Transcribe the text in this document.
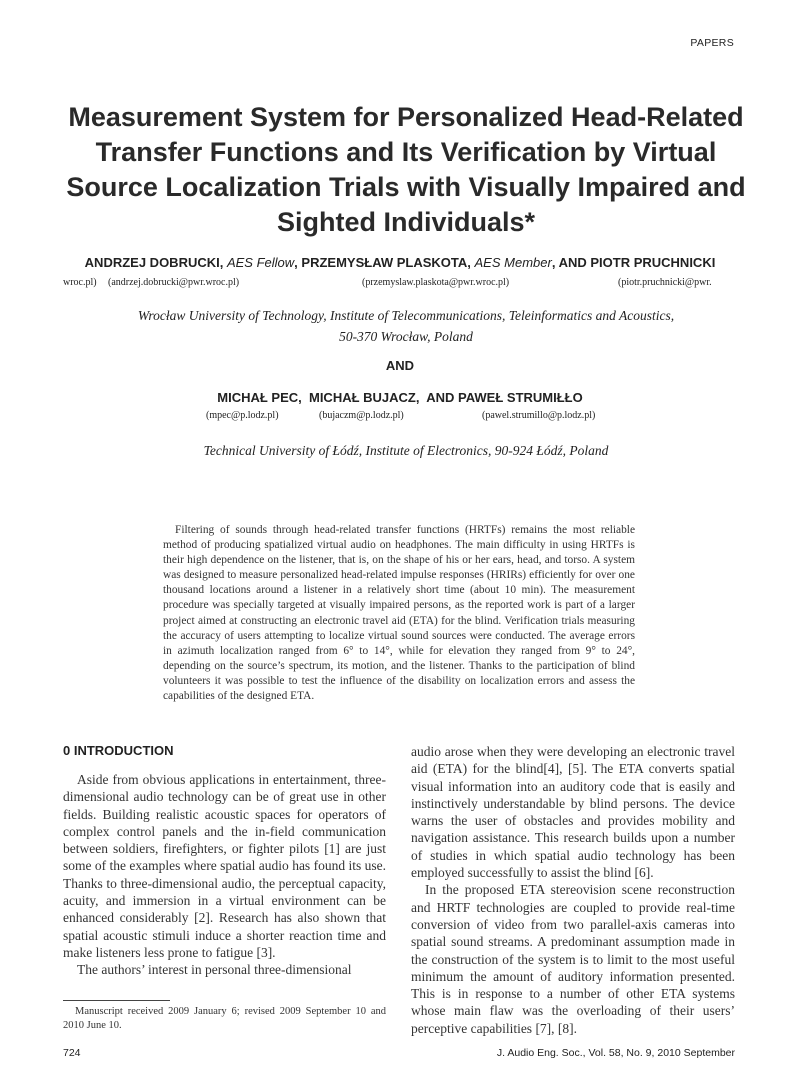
PAPERS
Measurement System for Personalized Head-Related Transfer Functions and Its Verification by Virtual Source Localization Trials with Visually Impaired and Sighted Individuals*
ANDRZEJ DOBRUCKI, AES Fellow, PRZEMYSŁAW PLASKOTA, AES Member, AND PIOTR PRUCHNICKI
wroc.pl) (andrzej.dobrucki@pwr.wroc.pl)	(przemyslaw.plaskota@pwr.wroc.pl)	(piotr.pruchnicki@pwr.
Wrocław University of Technology, Institute of Telecommunications, Teleinformatics and Acoustics,
50-370 Wrocław, Poland
AND
MICHAŁ PEC, MICHAŁ BUJACZ, AND PAWEŁ STRUMIŁŁO
(mpec@p.lodz.pl)	(bujaczm@p.lodz.pl)	(pawel.strumillo@p.lodz.pl)
Technical University of Łódź, Institute of Electronics, 90-924 Łódź, Poland
Filtering of sounds through head-related transfer functions (HRTFs) remains the most reliable method of producing spatialized virtual audio on headphones. The main difficulty in using HRTFs is their high dependence on the listener, that is, on the shape of his or her ears, head, and torso. A system was designed to measure personalized head-related impulse responses (HRIRs) efficiently for over one thousand locations around a listener in a relatively short time (about 10 min). The measurement procedure was specially targeted at visually impaired persons, as the reported work is part of a larger project aimed at constructing an electronic travel aid (ETA) for the blind. Verification trials measuring the accuracy of users attempting to localize virtual sound sources were conducted. The average errors in azimuth localization ranged from 6° to 14°, while for elevation they ranged from 9° to 24°, depending on the source’s spectrum, its motion, and the listener. Thanks to the participation of blind volunteers it was possible to test the influence of the disability on localization errors and assess the capabilities of the designed ETA.
0 INTRODUCTION

Aside from obvious applications in entertainment, three-dimensional audio technology can be of great use in other fields. Building realistic acoustic spaces for operators of complex control panels and the in-field communication between soldiers, firefighters, or fighter pilots [1] are just some of the examples where spatial audio has found its use. Thanks to three-dimensional audio, the perceptual capacity, acuity, and immersion in a virtual environment can be enhanced considerably [2]. Research has also shown that spatial acoustic stimuli induce a shorter reaction time and make listeners less prone to fatigue [3].

The authors’ interest in personal three-dimensional

audio arose when they were developing an electronic travel aid (ETA) for the blind[4], [5]. The ETA converts spatial visual information into an auditory code that is easily and instinctively understandable by blind persons. The device warns the user of obstacles and provides mobility and navigation assistance. This research builds upon a number of studies in which spatial audio technology has been employed successfully to assist the blind [6].

In the proposed ETA stereovision scene reconstruction and HRTF technologies are coupled to provide real-time conversion of video from two parallel-axis cameras into spatial sound streams. A predominant assumption made in the construction of the system is to limit to the most useful minimum the amount of auditory information presented. This is in response to a number of other ETA systems whose main flaw was the overloading of their users’ perceptive capabilities [7], [8].

Manuscript received 2009 January 6; revised 2009 September 10 and 2010 June 10.
724	J. Audio Eng. Soc., Vol. 58, No. 9, 2010 September
